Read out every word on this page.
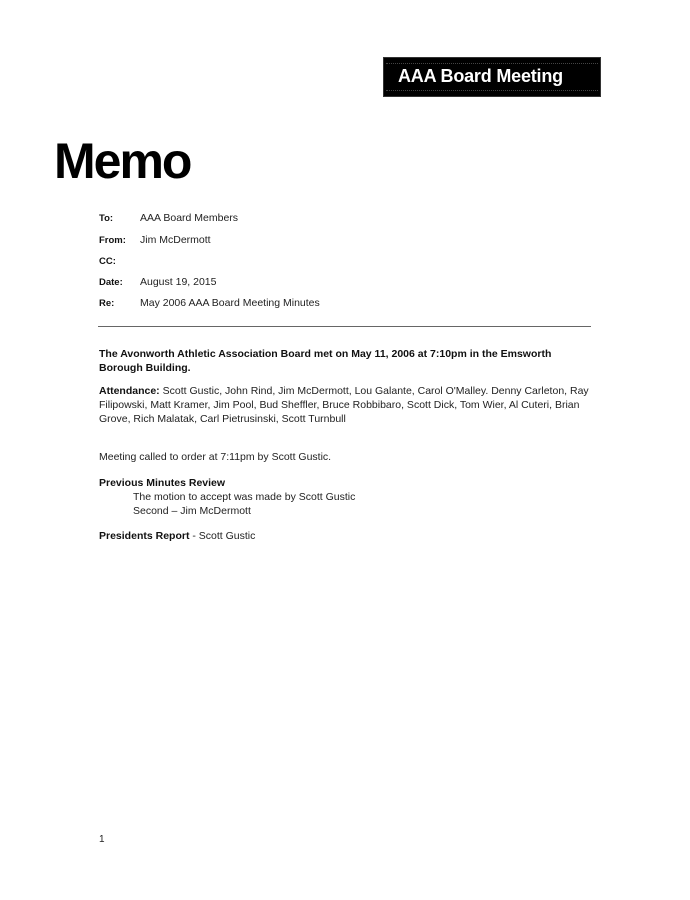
AAA Board Meeting
Memo
To:	AAA Board Members
From: Jim McDermott
CC:
Date: August 19, 2015
Re: May 2006 AAA Board Meeting Minutes
The Avonworth Athletic Association Board met on May 11, 2006 at 7:10pm in the Emsworth Borough Building.
Attendance: Scott Gustic, John Rind, Jim McDermott, Lou Galante, Carol O'Malley. Denny Carleton, Ray Filipowski, Matt Kramer, Jim Pool, Bud Sheffler, Bruce Robbibaro, Scott Dick, Tom Wier, Al Cuteri, Brian Grove, Rich Malatak, Carl Pietrusinski, Scott Turnbull
Meeting called to order at 7:11pm by Scott Gustic.
Previous Minutes Review
The motion to accept was made by Scott Gustic
Second – Jim McDermott
Presidents Report - Scott Gustic
1
